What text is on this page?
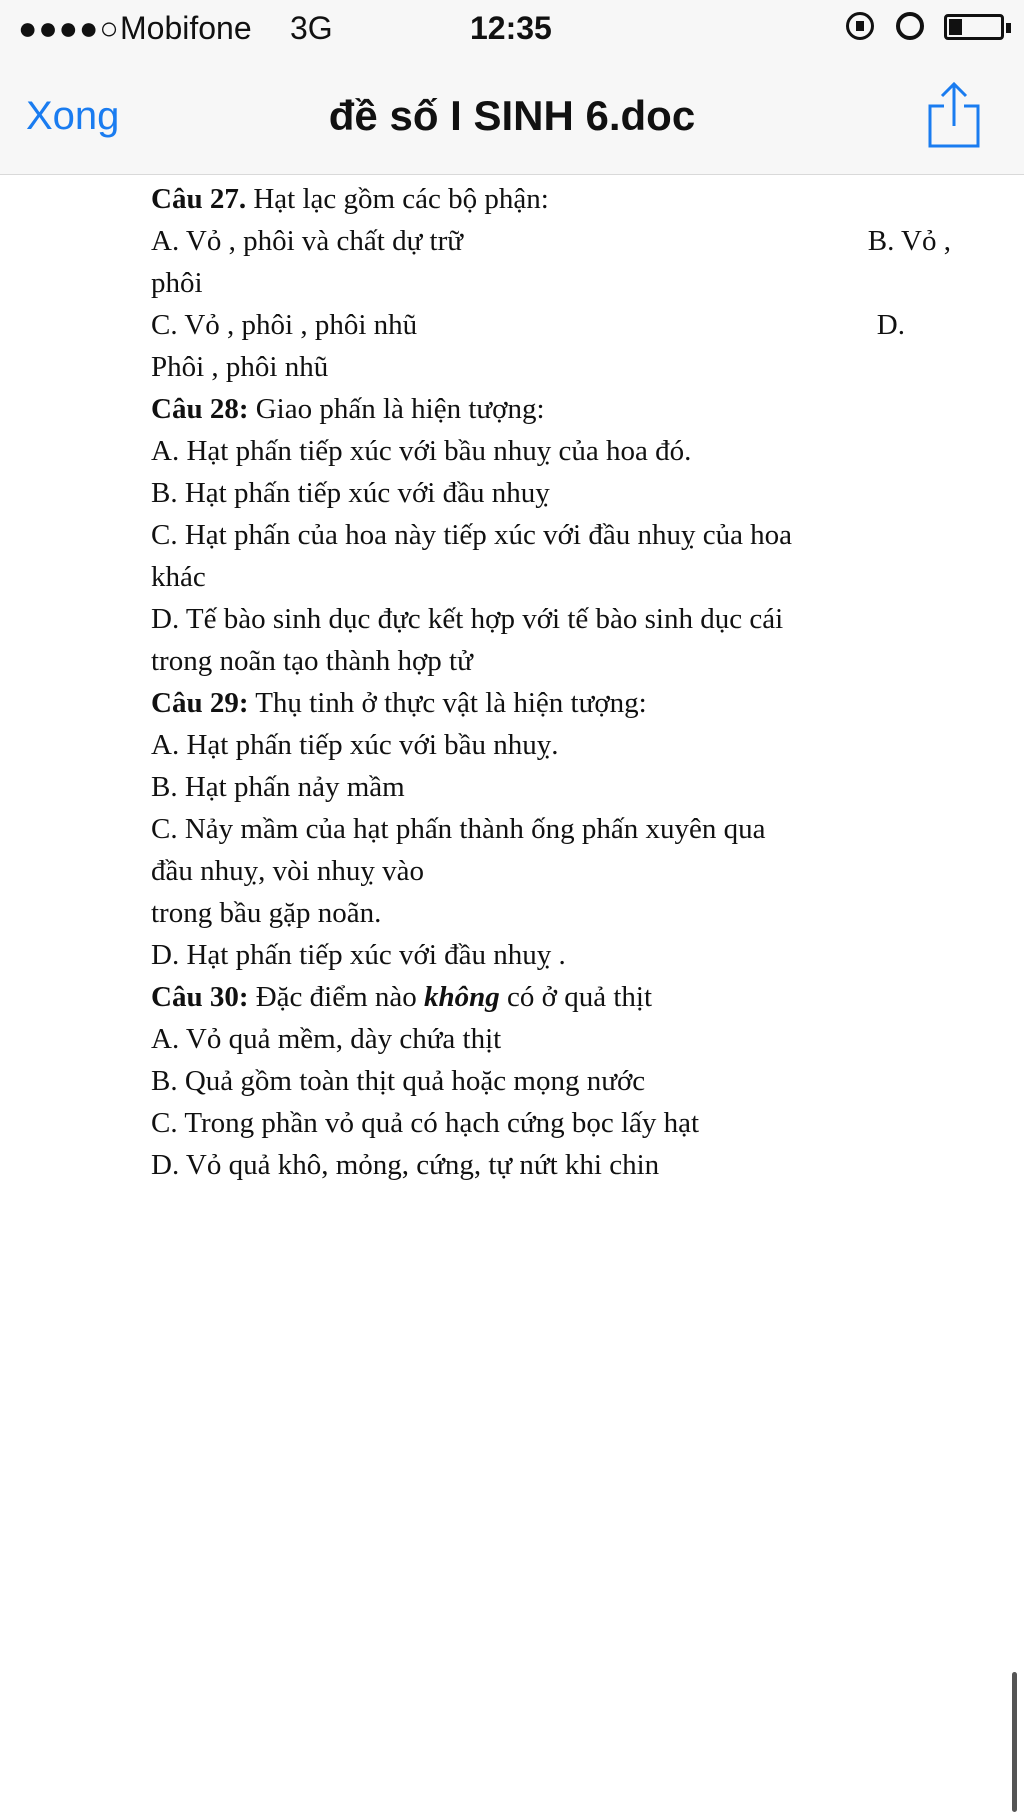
●●●●○ Mobifone 3G	12:35
Xong	đề số I SINH 6.doc
Câu 27. Hạt lạc gồm các bộ phận:
A. Vỏ , phôi và chất dự trữ	B. Vỏ ,
phôi
C. Vỏ , phôi , phôi nhũ	D.
Phôi , phôi nhũ
Câu 28: Giao phấn là hiện tượng:
A. Hạt phấn tiếp xúc với bầu nhuỵ của hoa đó.
B. Hạt phấn tiếp xúc với đầu nhuỵ
C. Hạt phấn của hoa này tiếp xúc với đầu nhuỵ của hoa
khác
D. Tế bào sinh dục đực kết hợp với tế bào sinh dục cái
trong noãn tạo thành hợp tử
Câu 29: Thụ tinh ở thực vật là hiện tượng:
A. Hạt phấn tiếp xúc với bầu nhuỵ.
B. Hạt phấn nảy mầm
C. Nảy mầm của hạt phấn thành ống phấn xuyên qua
đầu nhuỵ, vòi nhuỵ vào
trong bầu gặp noãn.
D. Hạt phấn tiếp xúc với đầu nhuỵ .
Câu 30: Đặc điểm nào không có ở quả thịt
A. Vỏ quả mềm, dày chứa thịt
B. Quả gồm toàn thịt quả hoặc mọng nước
C. Trong phần vỏ quả có hạch cứng bọc lấy hạt
D. Vỏ quả khô, mỏng, cứng, tự nứt khi chin
